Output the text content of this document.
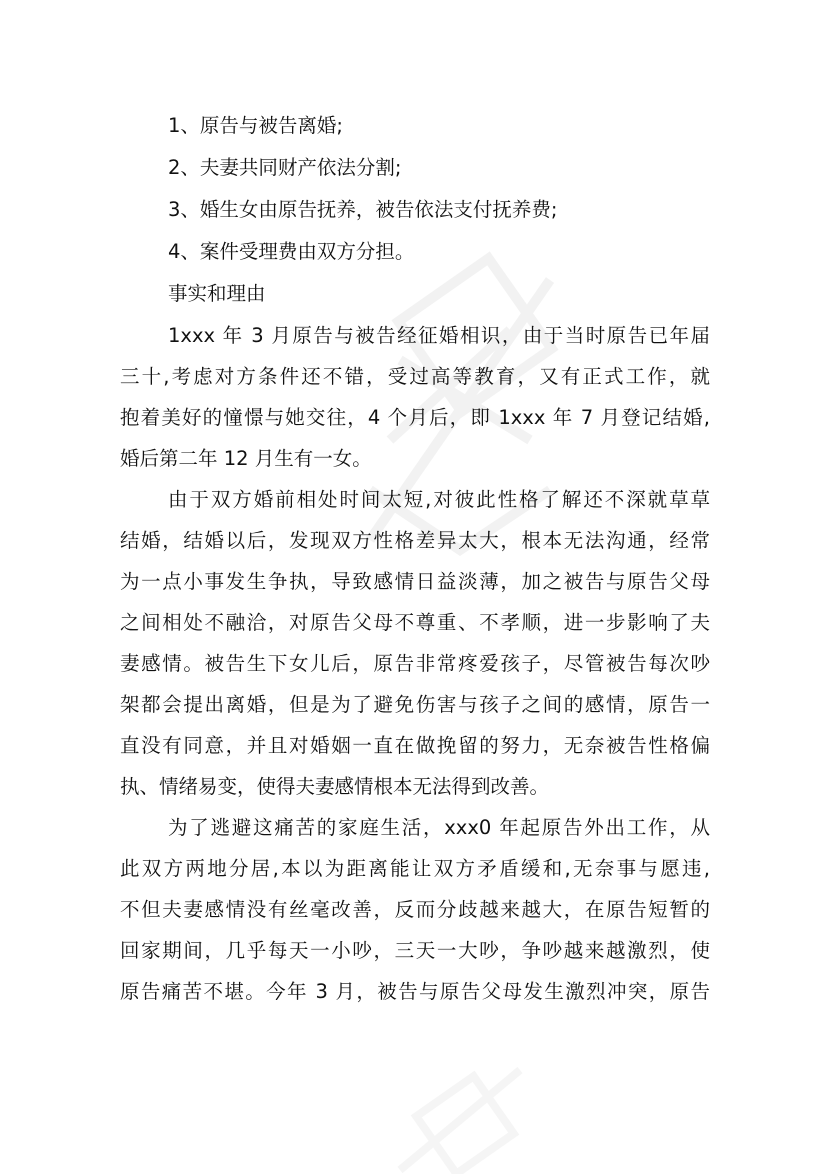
1、原告与被告离婚;

2、夫妻共同财产依法分割;

3、婚生女由原告抚养，被告依法支付抚养费;

4、案件受理费由双方分担。

事实和理由

1xxx 年 3 月原告与被告经征婚相识，由于当时原告已年届

三十,考虑对方条件还不错，受过高等教育，又有正式工作，就

抱着美好的憧憬与她交往，4 个月后，即 1xxx 年 7 月登记结婚,

婚后第二年 12 月生有一女。

由于双方婚前相处时间太短,对彼此性格了解还不深就草草

结婚，结婚以后，发现双方性格差异太大，根本无法沟通，经常

为一点小事发生争执，导致感情日益淡薄，加之被告与原告父母

之间相处不融洽，对原告父母不尊重、不孝顺，进一步影响了夫

妻感情。被告生下女儿后，原告非常疼爱孩子，尽管被告每次吵

架都会提出离婚，但是为了避免伤害与孩子之间的感情，原告一

直没有同意，并且对婚姻一直在做挽留的努力，无奈被告性格偏

执、情绪易变，使得夫妻感情根本无法得到改善。

为了逃避这痛苦的家庭生活，xxx0 年起原告外出工作，从

此双方两地分居,本以为距离能让双方矛盾缓和,无奈事与愿违,

不但夫妻感情没有丝毫改善，反而分歧越来越大，在原告短暂的

回家期间，几乎每天一小吵，三天一大吵，争吵越来越激烈，使

原告痛苦不堪。今年 3 月，被告与原告父母发生激烈冲突，原告
